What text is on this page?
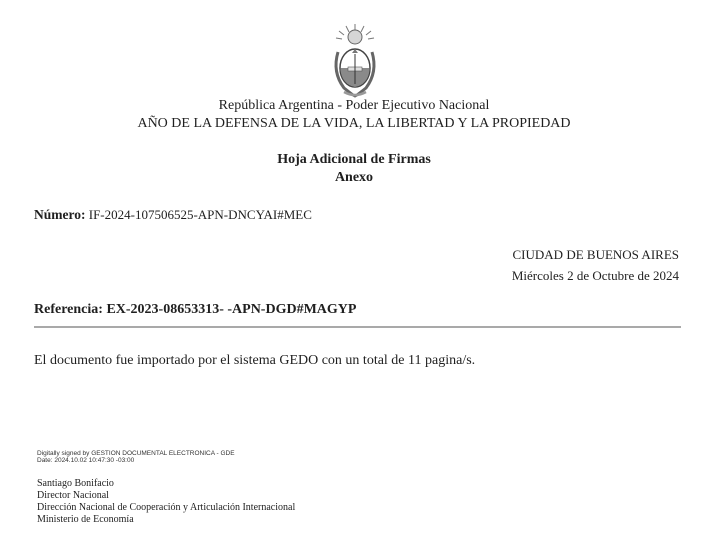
República Argentina - Poder Ejecutivo Nacional
AÑO DE LA DEFENSA DE LA VIDA, LA LIBERTAD Y LA PROPIEDAD
Hoja Adicional de Firmas
Anexo
Número: IF-2024-107506525-APN-DNCYAI#MEC
CIUDAD DE BUENOS AIRES
Miércoles 2 de Octubre de 2024
Referencia: EX-2023-08653313- -APN-DGD#MAGYP
El documento fue importado por el sistema GEDO con un total de 11 pagina/s.
Digitally signed by GESTION DOCUMENTAL ELECTRONICA - GDE
Date: 2024.10.02 10:47:30 -03:00
Santiago Bonifacio
Director Nacional
Dirección Nacional de Cooperación y Articulación Internacional
Ministerio de Economía
